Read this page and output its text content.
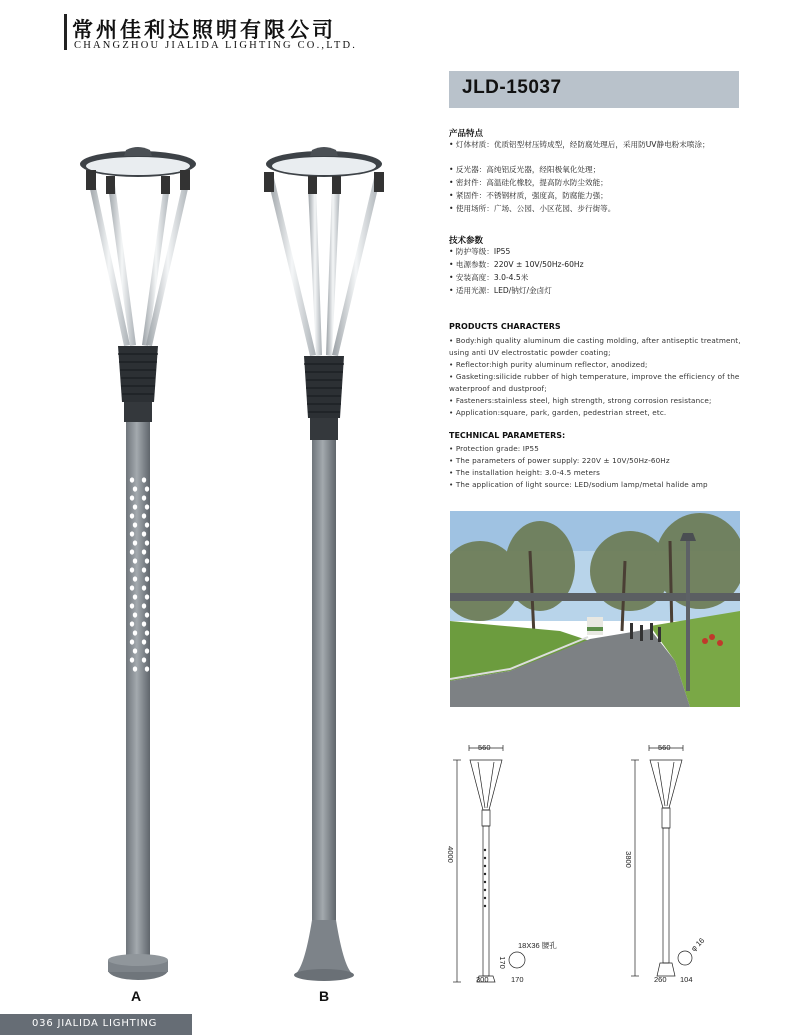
常州佳利达照明有限公司
CHANGZHOU JIALIDA LIGHTING CO.,LTD.
A	B
JLD-15037
产品特点
• 灯体材质：优质铝型材压铸成型，经防腐处理后，采用防UV静电粉末喷涂；
• 反光器：高纯铝反光器，经阳极氧化处理；
• 密封件：高温硅化橡胶，提高防水防尘效能；
• 紧固件：不锈钢材质，强度高，防腐能力强；
• 使用场所：广场、公园、小区花园、步行街等。
技术参数
• 防护等级：IP55
• 电源参数：220V ± 10V/50Hz-60Hz
• 安装高度：3.0-4.5米
• 适用光源：LED/钠灯/金卤灯
PRODUCTS CHARACTERS
• Body:high quality aluminum die casting molding, after antiseptic treatment, using anti UV electrostatic powder coating;
• Reflector:high purity aluminum reflector, anodized;
• Gasketing:silicide rubber of high temperature, improve the efficiency of the waterproof and dustproof;
• Fasteners:stainless steel, high strength, strong corrosion resistance;
• Application:square, park, garden, pedestrian street, etc.
TECHNICAL PARAMETERS:
• Protection grade: IP55
• The parameters of power supply: 220V ± 10V/50Hz-60Hz
• The installation height: 3.0-4.5 meters
• The application of light source: LED/sodium lamp/metal halide amp
560
4000
300
18X36 腰孔
170
170
560
3800
260
φ 16
104
036 JIALIDA LIGHTING
